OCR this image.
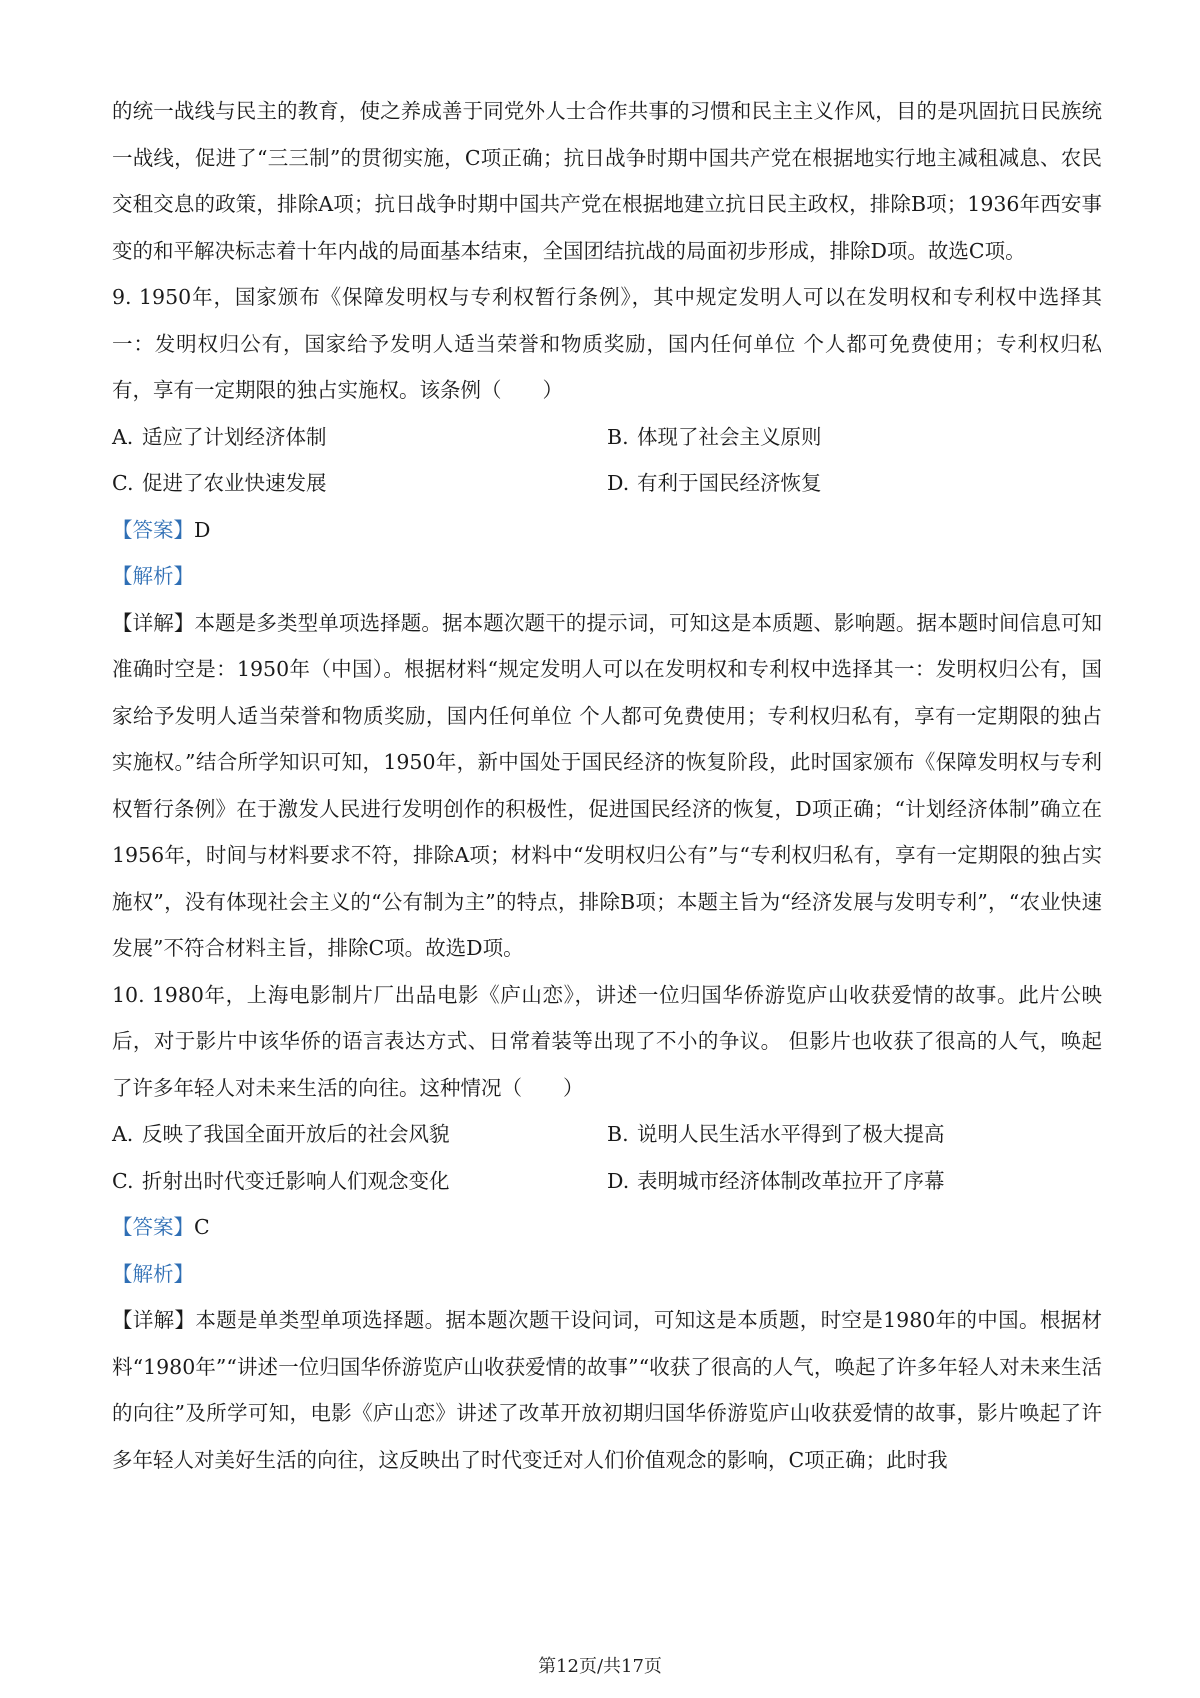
的统一战线与民主的教育，使之养成善于同党外人士合作共事的习惯和民主主义作风，目的是巩固抗日民族统一战线，促进了“三三制”的贯彻实施，C项正确；抗日战争时期中国共产党在根据地实行地主减租减息、农民交租交息的政策，排除A项；抗日战争时期中国共产党在根据地建立抗日民主政权，排除B项；1936年西安事变的和平解决标志着十年内战的局面基本结束，全国团结抗战的局面初步形成，排除D项。故选C项。

9. 1950年，国家颁布《保障发明权与专利权暂行条例》，其中规定发明人可以在发明权和专利权中选择其一：发明权归公有，国家给予发明人适当荣誉和物质奖励，国内任何单位 个人都可免费使用；专利权归私有，享有一定期限的独占实施权。该条例（　　）

A. 适应了计划经济体制	B. 体现了社会主义原则
C. 促进了农业快速发展	D. 有利于国民经济恢复

【答案】D

【解析】

【详解】本题是多类型单项选择题。据本题次题干的提示词，可知这是本质题、影响题。据本题时间信息可知准确时空是：1950年（中国）。根据材料“规定发明人可以在发明权和专利权中选择其一：发明权归公有，国家给予发明人适当荣誉和物质奖励，国内任何单位 个人都可免费使用；专利权归私有，享有一定期限的独占实施权。”结合所学知识可知，1950年，新中国处于国民经济的恢复阶段，此时国家颁布《保障发明权与专利权暂行条例》在于激发人民进行发明创作的积极性，促进国民经济的恢复，D项正确；“计划经济体制”确立在1956年，时间与材料要求不符，排除A项；材料中“发明权归公有”与“专利权归私有，享有一定期限的独占实施权”，没有体现社会主义的“公有制为主”的特点，排除B项；本题主旨为“经济发展与发明专利”，“农业快速发展”不符合材料主旨，排除C项。故选D项。

10. 1980年，上海电影制片厂出品电影《庐山恋》，讲述一位归国华侨游览庐山收获爱情的故事。此片公映后，对于影片中该华侨的语言表达方式、日常着装等出现了不小的争议。 但影片也收获了很高的人气，唤起了许多年轻人对未来生活的向往。这种情况（　　）

A. 反映了我国全面开放后的社会风貌	B. 说明人民生活水平得到了极大提高
C. 折射出时代变迁影响人们观念变化	D. 表明城市经济体制改革拉开了序幕

【答案】C

【解析】

【详解】本题是单类型单项选择题。据本题次题干设问词，可知这是本质题，时空是1980年的中国。根据材料“1980年”“讲述一位归国华侨游览庐山收获爱情的故事”“收获了很高的人气，唤起了许多年轻人对未来生活的向往”及所学可知，电影《庐山恋》讲述了改革开放初期归国华侨游览庐山收获爱情的故事，影片唤起了许多年轻人对美好生活的向往，这反映出了时代变迁对人们价值观念的影响，C项正确；此时我

第12页/共17页
